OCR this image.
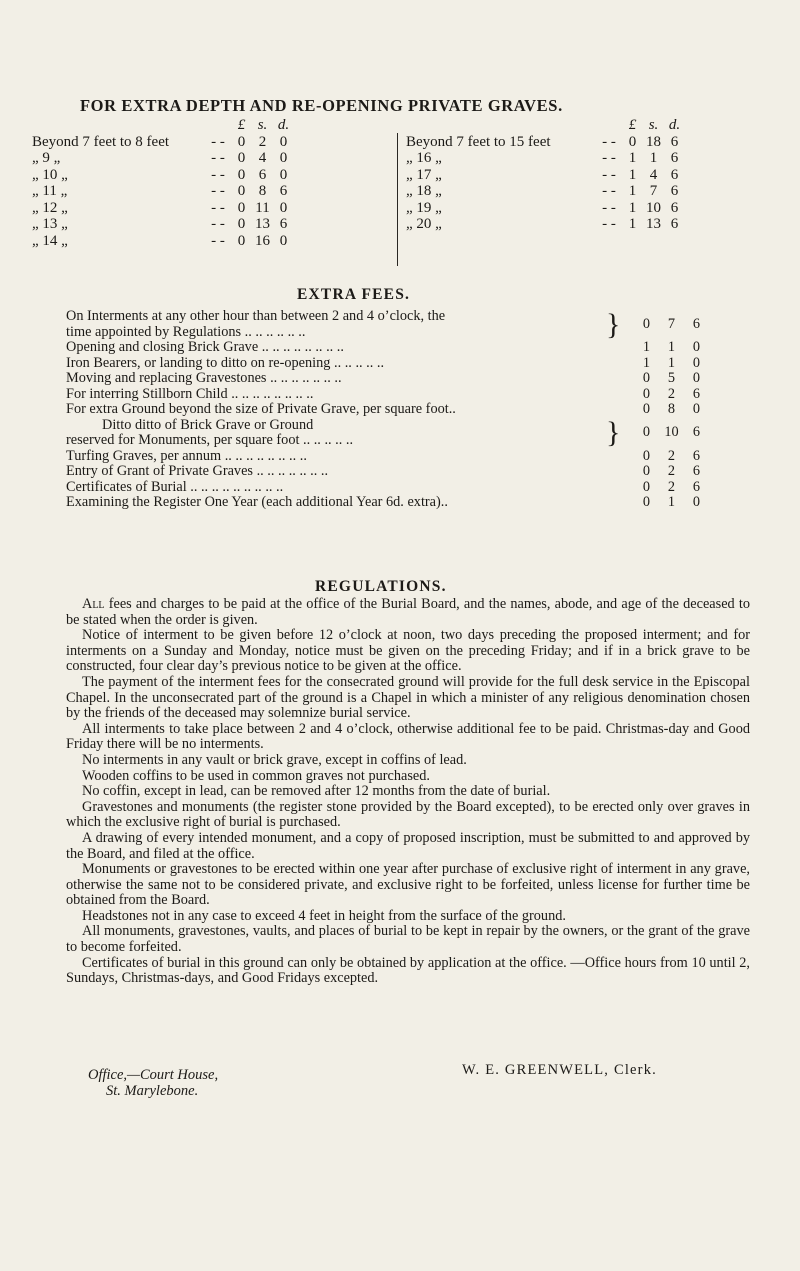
FOR EXTRA DEPTH AND RE-OPENING PRIVATE GRAVES.
£ s. d.
Beyond 7 feet to 8 feet	- - 0 2 0
„ 9 „	- - 0 4 0
„ 10 „	- - 0 6 0
„ 11 „	- - 0 8 6
„ 12 „	- - 0 11 0
„ 13 „	- - 0 13 6
„ 14 „	- - 0 16 0
£ s. d.
Beyond 7 feet to 15 feet	- - 0 18 6
„ 16 „	- - 1 1 6
„ 17 „	- - 1 4 6
„ 18 „	- - 1 7 6
„ 19 „	- - 1 10 6
„ 20 „	- - 1 13 6
EXTRA FEES.
On Interments at any other hour than between 2 and 4 o’clock, the
time appointed by Regulations .. .. .. .. .. ..	}	0	7	6
Opening and closing Brick Grave .. .. .. .. .. .. .. ..	1	1	0
Iron Bearers, or landing to ditto on re-opening .. .. .. .. ..	1	1	0
Moving and replacing Gravestones .. .. .. .. .. .. ..	0	5	0
For interring Stillborn Child .. .. .. .. .. .. .. ..	0	2	6
For extra Ground beyond the size of Private Grave, per square foot..	0	8	0
Ditto ditto of Brick Grave or Ground
reserved for Monuments, per square foot .. .. .. .. ..	}	0 10 6
Turfing Graves, per annum .. .. .. .. .. .. .. ..	0	2	6
Entry of Grant of Private Graves .. .. .. .. .. .. ..	0	2	6
Certificates of Burial .. .. .. .. .. .. .. .. ..	0	2	6
Examining the Register One Year (each additional Year 6d. extra)..	0	1	0
REGULATIONS.

All fees and charges to be paid at the office of the Burial Board, and the names, abode, and age of the deceased to be stated when the order is given.

Notice of interment to be given before 12 o’clock at noon, two days preceding the proposed interment; and for interments on a Sunday and Monday, notice must be given on the preceding Friday; and if in a brick grave to be constructed, four clear day’s previous notice to be given at the office.

The payment of the interment fees for the consecrated ground will provide for the full desk service in the Episcopal Chapel. In the unconsecrated part of the ground is a Chapel in which a minister of any religious denomination chosen by the friends of the deceased may solemnize burial service.

All interments to take place between 2 and 4 o’clock, otherwise additional fee to be paid. Christmas-day and Good Friday there will be no interments.

No interments in any vault or brick grave, except in coffins of lead.

Wooden coffins to be used in common graves not purchased.

No coffin, except in lead, can be removed after 12 months from the date of burial.

Gravestones and monuments (the register stone provided by the Board excepted), to be erected only over graves in which the exclusive right of burial is purchased.

A drawing of every intended monument, and a copy of proposed inscription, must be submitted to and approved by the Board, and filed at the office.

Monuments or gravestones to be erected within one year after purchase of exclusive right of interment in any grave, otherwise the same not to be considered private, and exclusive right to be forfeited, unless license for further time be obtained from the Board.

Headstones not in any case to exceed 4 feet in height from the surface of the ground.

All monuments, gravestones, vaults, and places of burial to be kept in repair by the owners, or the grant of the grave to become forfeited.

Certificates of burial in this ground can only be obtained by application at the office. —Office hours from 10 until 2, Sundays, Christmas-days, and Good Fridays excepted.

W. E. GREENWELL, Clerk.
Office,—Court House,
St. Marylebone.
